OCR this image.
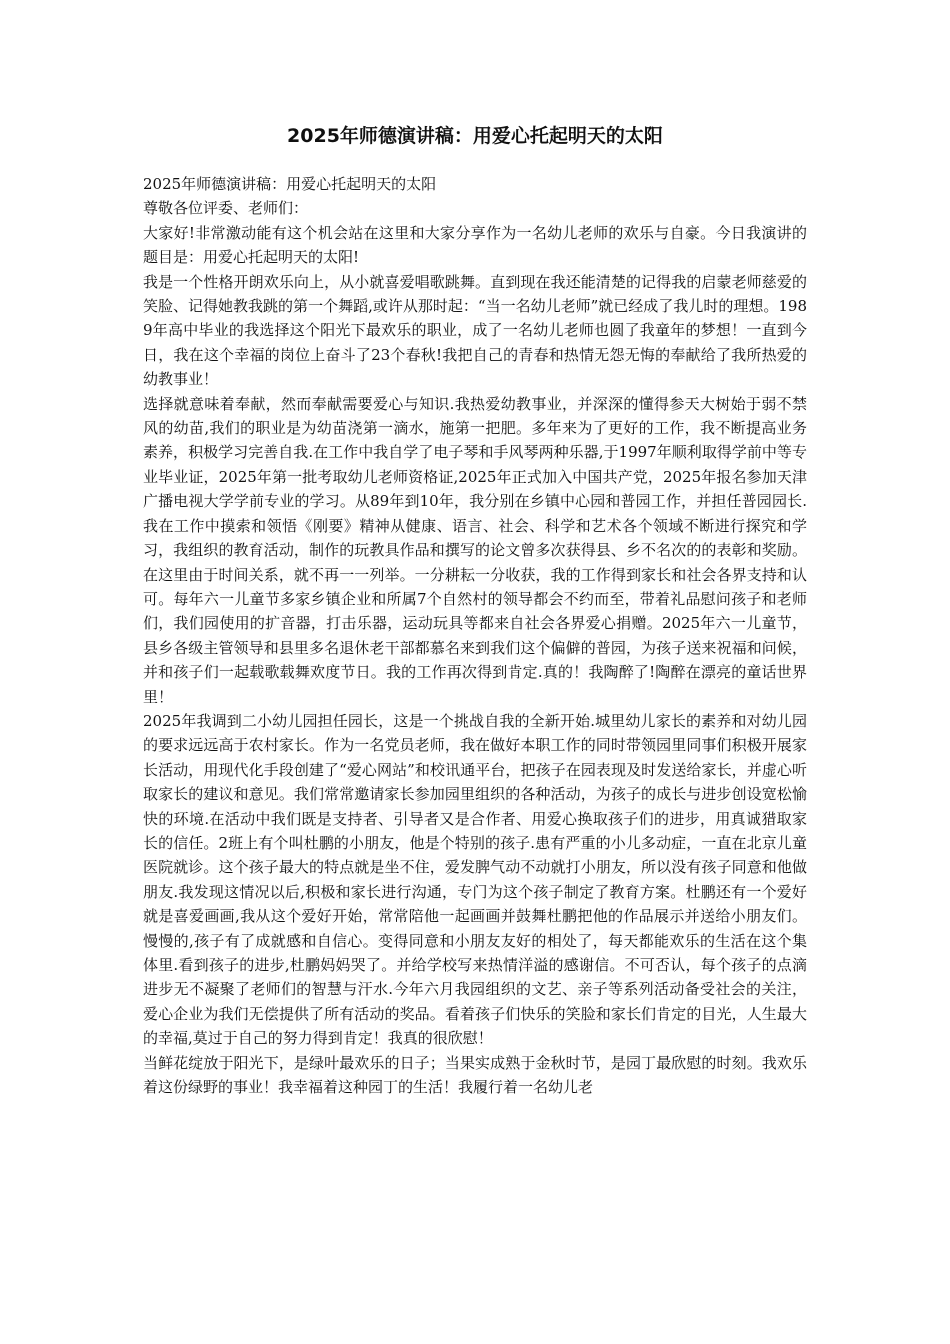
2025年师德演讲稿：用爱心托起明天的太阳

2025年师德演讲稿：用爱心托起明天的太阳

尊敬各位评委、老师们：

大家好!非常激动能有这个机会站在这里和大家分享作为一名幼儿老师的欢乐与自豪。今日我演讲的题目是：用爱心托起明天的太阳!

我是一个性格开朗欢乐向上，从小就喜爱唱歌跳舞。直到现在我还能清楚的记得我的启蒙老师慈爱的笑脸、记得她教我跳的第一个舞蹈,或许从那时起：“当一名幼儿老师”就已经成了我儿时的理想。1989年高中毕业的我选择这个阳光下最欢乐的职业，成了一名幼儿老师也圆了我童年的梦想！一直到今日，我在这个幸福的岗位上奋斗了23个春秋!我把自己的青春和热情无怨无悔的奉献给了我所热爱的幼教事业！

选择就意味着奉献，然而奉献需要爱心与知识.我热爱幼教事业，并深深的懂得参天大树始于弱不禁风的幼苗,我们的职业是为幼苗浇第一滴水，施第一把肥。多年来为了更好的工作，我不断提高业务素养，积极学习完善自我.在工作中我自学了电子琴和手风琴两种乐器,于1997年顺利取得学前中等专业毕业证，2025年第一批考取幼儿老师资格证,2025年正式加入中国共产党，2025年报名参加天津广播电视大学学前专业的学习。从89年到10年，我分别在乡镇中心园和普园工作，并担任普园园长.我在工作中摸索和领悟《刚要》精神从健康、语言、社会、科学和艺术各个领域不断进行探究和学习，我组织的教育活动，制作的玩教具作品和撰写的论文曾多次获得县、乡不名次的的表彰和奖励。在这里由于时间关系，就不再一一列举。一分耕耘一分收获，我的工作得到家长和社会各界支持和认可。每年六一儿童节多家乡镇企业和所属7个自然村的领导都会不约而至，带着礼品慰问孩子和老师们，我们园使用的扩音器，打击乐器，运动玩具等都来自社会各界爱心捐赠。2025年六一儿童节，县乡各级主管领导和县里多名退休老干部都慕名来到我们这个偏僻的普园，为孩子送来祝福和问候，并和孩子们一起载歌载舞欢度节日。我的工作再次得到肯定.真的！我陶醉了!陶醉在漂亮的童话世界里！

2025年我调到二小幼儿园担任园长，这是一个挑战自我的全新开始.城里幼儿家长的素养和对幼儿园的要求远远高于农村家长。作为一名党员老师，我在做好本职工作的同时带领园里同事们积极开展家长活动，用现代化手段创建了“爱心网站”和校讯通平台，把孩子在园表现及时发送给家长，并虚心听取家长的建议和意见。我们常常邀请家长参加园里组织的各种活动，为孩子的成长与进步创设宽松愉快的环境.在活动中我们既是支持者、引导者又是合作者、用爱心换取孩子们的进步，用真诚猎取家长的信任。2班上有个叫杜鹏的小朋友，他是个特别的孩子.患有严重的小儿多动症，一直在北京儿童医院就诊。这个孩子最大的特点就是坐不住，爱发脾气动不动就打小朋友，所以没有孩子同意和他做朋友.我发现这情况以后,积极和家长进行沟通，专门为这个孩子制定了教育方案。杜鹏还有一个爱好就是喜爱画画,我从这个爱好开始，常常陪他一起画画并鼓舞杜鹏把他的作品展示并送给小朋友们。慢慢的,孩子有了成就感和自信心。变得同意和小朋友友好的相处了，每天都能欢乐的生活在这个集体里.看到孩子的进步,杜鹏妈妈哭了。并给学校写来热情洋溢的感谢信。不可否认，每个孩子的点滴进步无不凝聚了老师们的智慧与汗水.今年六月我园组织的文艺、亲子等系列活动备受社会的关注，爱心企业为我们无偿提供了所有活动的奖品。看着孩子们快乐的笑脸和家长们肯定的目光，人生最大的幸福,莫过于自己的努力得到肯定！我真的很欣慰！

当鲜花绽放于阳光下，是绿叶最欢乐的日子；当果实成熟于金秋时节，是园丁最欣慰的时刻。我欢乐着这份绿野的事业！我幸福着这种园丁的生活！我履行着一名幼儿老
